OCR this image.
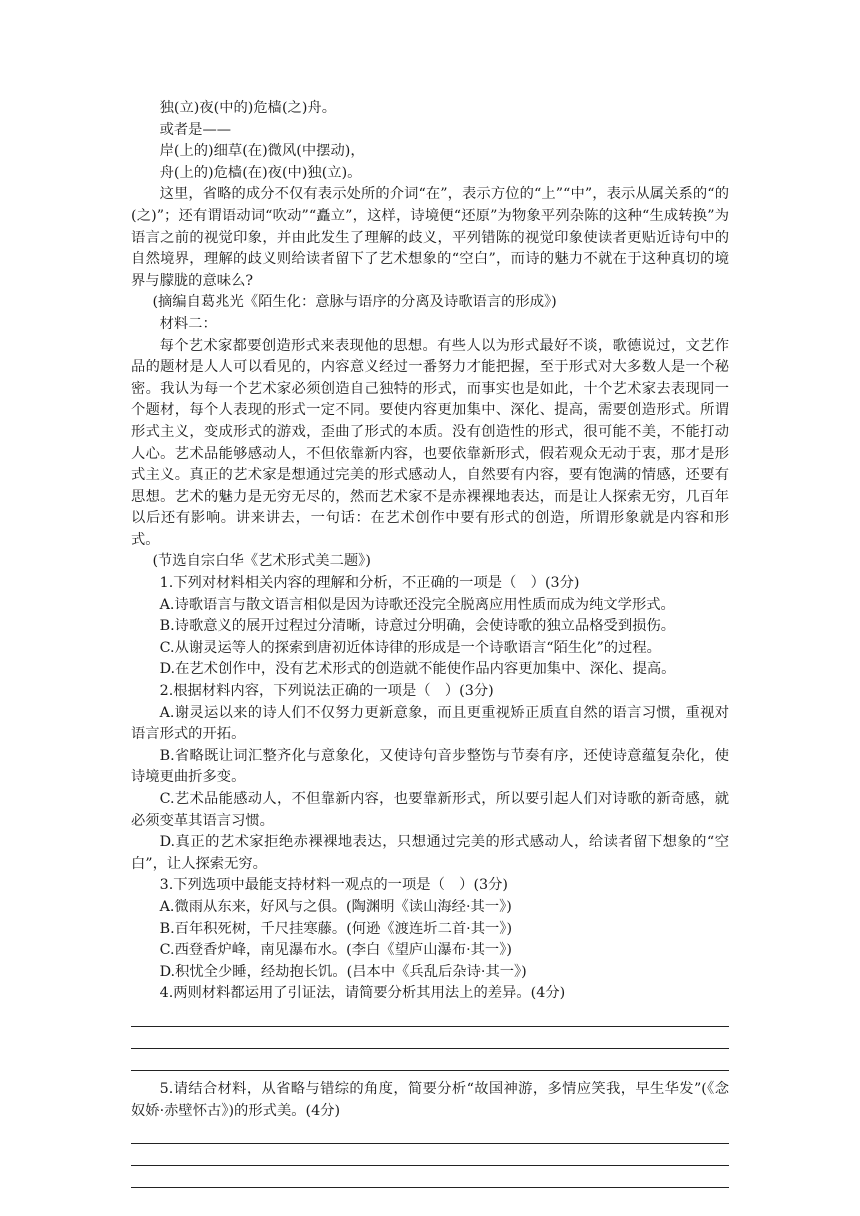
独(立)夜(中的)危樯(之)舟。
或者是——
岸(上的)细草(在)微风(中摆动)，
舟(上的)危樯(在)夜(中)独(立)。

这里，省略的成分不仅有表示处所的介词“在”，表示方位的“上”“中”，表示从属关系的“的(之)”；还有谓语动词“吹动”“矗立”，这样，诗境便“还原”为物象平列杂陈的这种“生成转换”为语言之前的视觉印象，并由此发生了理解的歧义，平列错陈的视觉印象使读者更贴近诗句中的自然境界，理解的歧义则给读者留下了艺术想象的“空白”，而诗的魅力不就在于这种真切的境界与朦胧的意味么?

(摘编自葛兆光《陌生化：意脉与语序的分离及诗歌语言的形成》)
材料二：

每个艺术家都要创造形式来表现他的思想。有些人以为形式最好不谈，歌德说过，文艺作品的题材是人人可以看见的，内容意义经过一番努力才能把握，至于形式对大多数人是一个秘密。我认为每一个艺术家必须创造自己独特的形式，而事实也是如此，十个艺术家去表现同一个题材，每个人表现的形式一定不同。要使内容更加集中、深化、提高，需要创造形式。所谓形式主义，变成形式的游戏，歪曲了形式的本质。没有创造性的形式，很可能不美，不能打动人心。艺术品能够感动人，不但依靠新内容，也要依靠新形式，假若观众无动于衷，那才是形式主义。真正的艺术家是想通过完美的形式感动人，自然要有内容，要有饱满的情感，还要有思想。艺术的魅力是无穷无尽的，然而艺术家不是赤裸裸地表达，而是让人探索无穷，几百年以后还有影响。讲来讲去，一句话：在艺术创作中要有形式的创造，所谓形象就是内容和形式。

(节选自宗白华《艺术形式美二题》)
1.下列对材料相关内容的理解和分析，不正确的一项是（　）(3分)
A.诗歌语言与散文语言相似是因为诗歌还没完全脱离应用性质而成为纯文学形式。
B.诗歌意义的展开过程过分清晰，诗意过分明确，会使诗歌的独立品格受到损伤。
C.从谢灵运等人的探索到唐初近体诗律的形成是一个诗歌语言“陌生化”的过程。
D.在艺术创作中，没有艺术形式的创造就不能使作品内容更加集中、深化、提高。
2.根据材料内容，下列说法正确的一项是（　）(3分)

A.谢灵运以来的诗人们不仅努力更新意象，而且更重视矫正质直自然的语言习惯，重视对语言形式的开拓。

B.省略既让词汇整齐化与意象化，又使诗句音步整饬与节奏有序，还使诗意蕴复杂化，使诗境更曲折多变。

C.艺术品能感动人，不但靠新内容，也要靠新形式，所以要引起人们对诗歌的新奇感，就必须变革其语言习惯。

D.真正的艺术家拒绝赤裸裸地表达，只想通过完美的形式感动人，给读者留下想象的“空白”，让人探索无穷。

3.下列选项中最能支持材料一观点的一项是（　）(3分)
A.微雨从东来，好风与之俱。(陶渊明《读山海经·其一》)
B.百年积死树，千尺挂寒藤。(何逊《渡连圻二首·其一》)
C.西登香炉峰，南见瀑布水。(李白《望庐山瀑布·其一》)
D.积忧全少睡，经劫抱长饥。(吕本中《兵乱后杂诗·其一》)
4.两则材料都运用了引证法，请简要分析其用法上的差异。(4分)

5.请结合材料，从省略与错综的角度，简要分析“故国神游，多情应笑我，早生华发”(《念奴娇·赤壁怀古》)的形式美。(4分)
